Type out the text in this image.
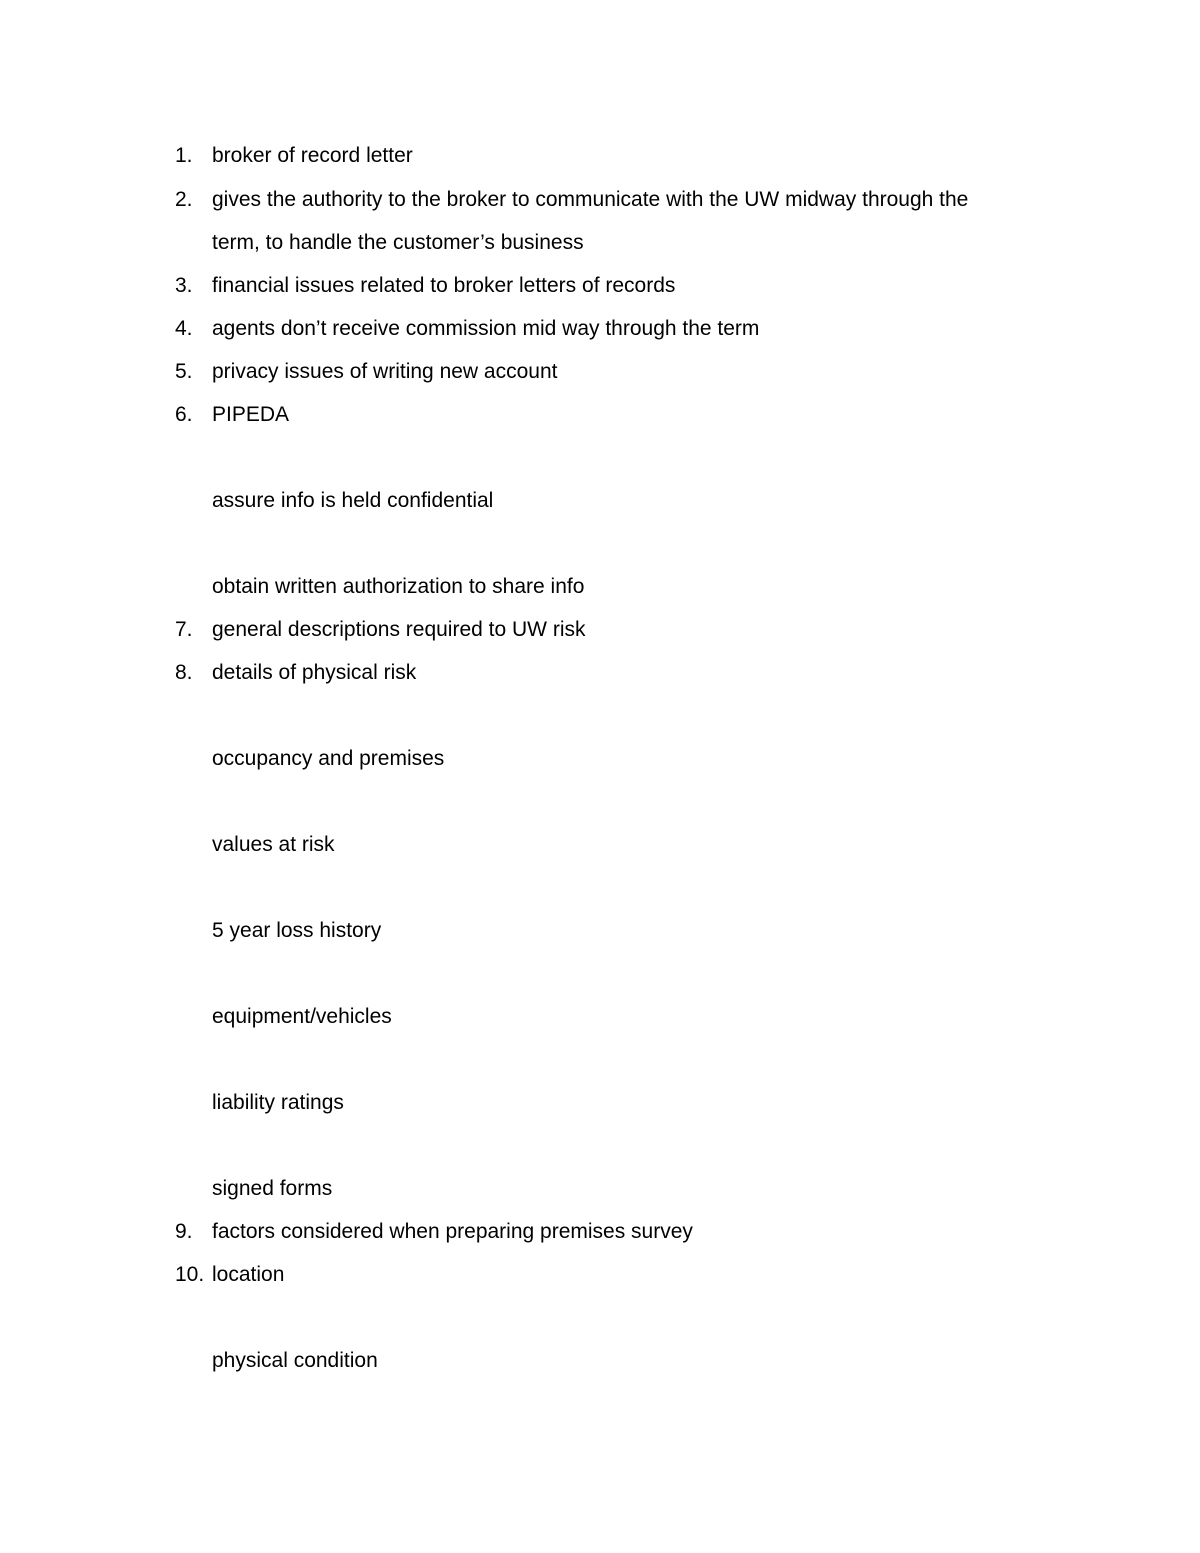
1. broker of record letter
2. gives the authority to the broker to communicate with the UW midway through the
term, to handle the customer’s business
3. financial issues related to broker letters of records
4. agents don’t receive commission mid way through the term
5. privacy issues of writing new account
6. PIPEDA
assure info is held confidential
obtain written authorization to share info
7. general descriptions required to UW risk
8. details of physical risk
occupancy and premises
values at risk
5 year loss history
equipment/vehicles
liability ratings
signed forms
9. factors considered when preparing premises survey
10. location
physical condition
